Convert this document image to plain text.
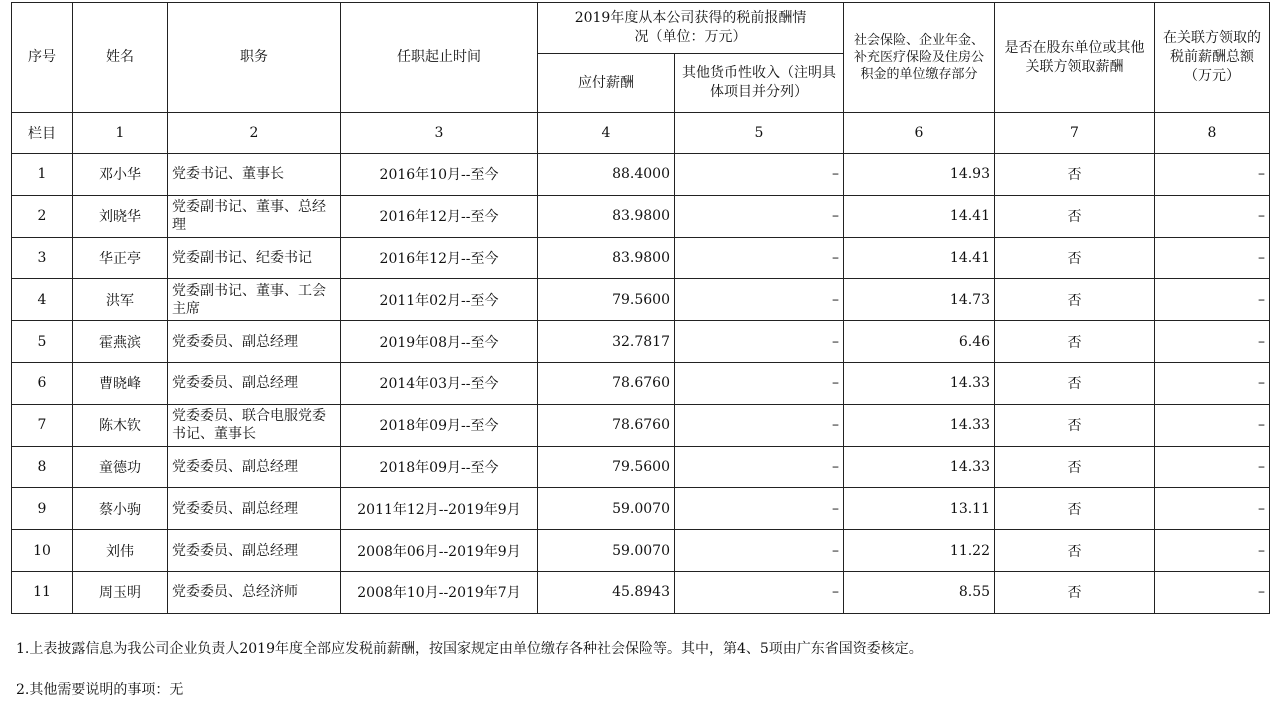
序号	姓名	职务	任职起止时间	2019年度从本公司获得的税前报酬情况（单位：万元）		社会保险、企业年金、补充医疗保险及住房公积金的单位缴存部分	是否在股东单位或其他关联方领取薪酬	在关联方领取的税前薪酬总额（万元）
				应付薪酬	其他货币性收入（注明具体项目并分列）			
栏目	1	2	3	4	5	6	7	8
1	邓小华	党委书记、董事长	2016年10月--至今	88.4000	–	14.93	否	–
2	刘晓华	党委副书记、董事、总经理	2016年12月--至今	83.9800	–	14.41	否	–
3	华正亭	党委副书记、纪委书记	2016年12月--至今	83.9800	–	14.41	否	–
4	洪军	党委副书记、董事、工会主席	2011年02月--至今	79.5600	–	14.73	否	–
5	霍燕滨	党委委员、副总经理	2019年08月--至今	32.7817	–	6.46	否	–
6	曹晓峰	党委委员、副总经理	2014年03月--至今	78.6760	–	14.33	否	–
7	陈木钦	党委委员、联合电服党委书记、董事长	2018年09月--至今	78.6760	–	14.33	否	–
8	童德功	党委委员、副总经理	2018年09月--至今	79.5600	–	14.33	否	–
9	蔡小驹	党委委员、副总经理	2011年12月--2019年9月	59.0070	–	13.11	否	–
10	刘伟	党委委员、副总经理	2008年06月--2019年9月	59.0070	–	11.22	否	–
11	周玉明	党委委员、总经济师	2008年10月--2019年7月	45.8943	–	8.55	否	–
1.上表披露信息为我公司企业负责人2019年度全部应发税前薪酬，按国家规定由单位缴存各种社会保险等。其中，第4、5项由广东省国资委核定。
2.其他需要说明的事项：无
